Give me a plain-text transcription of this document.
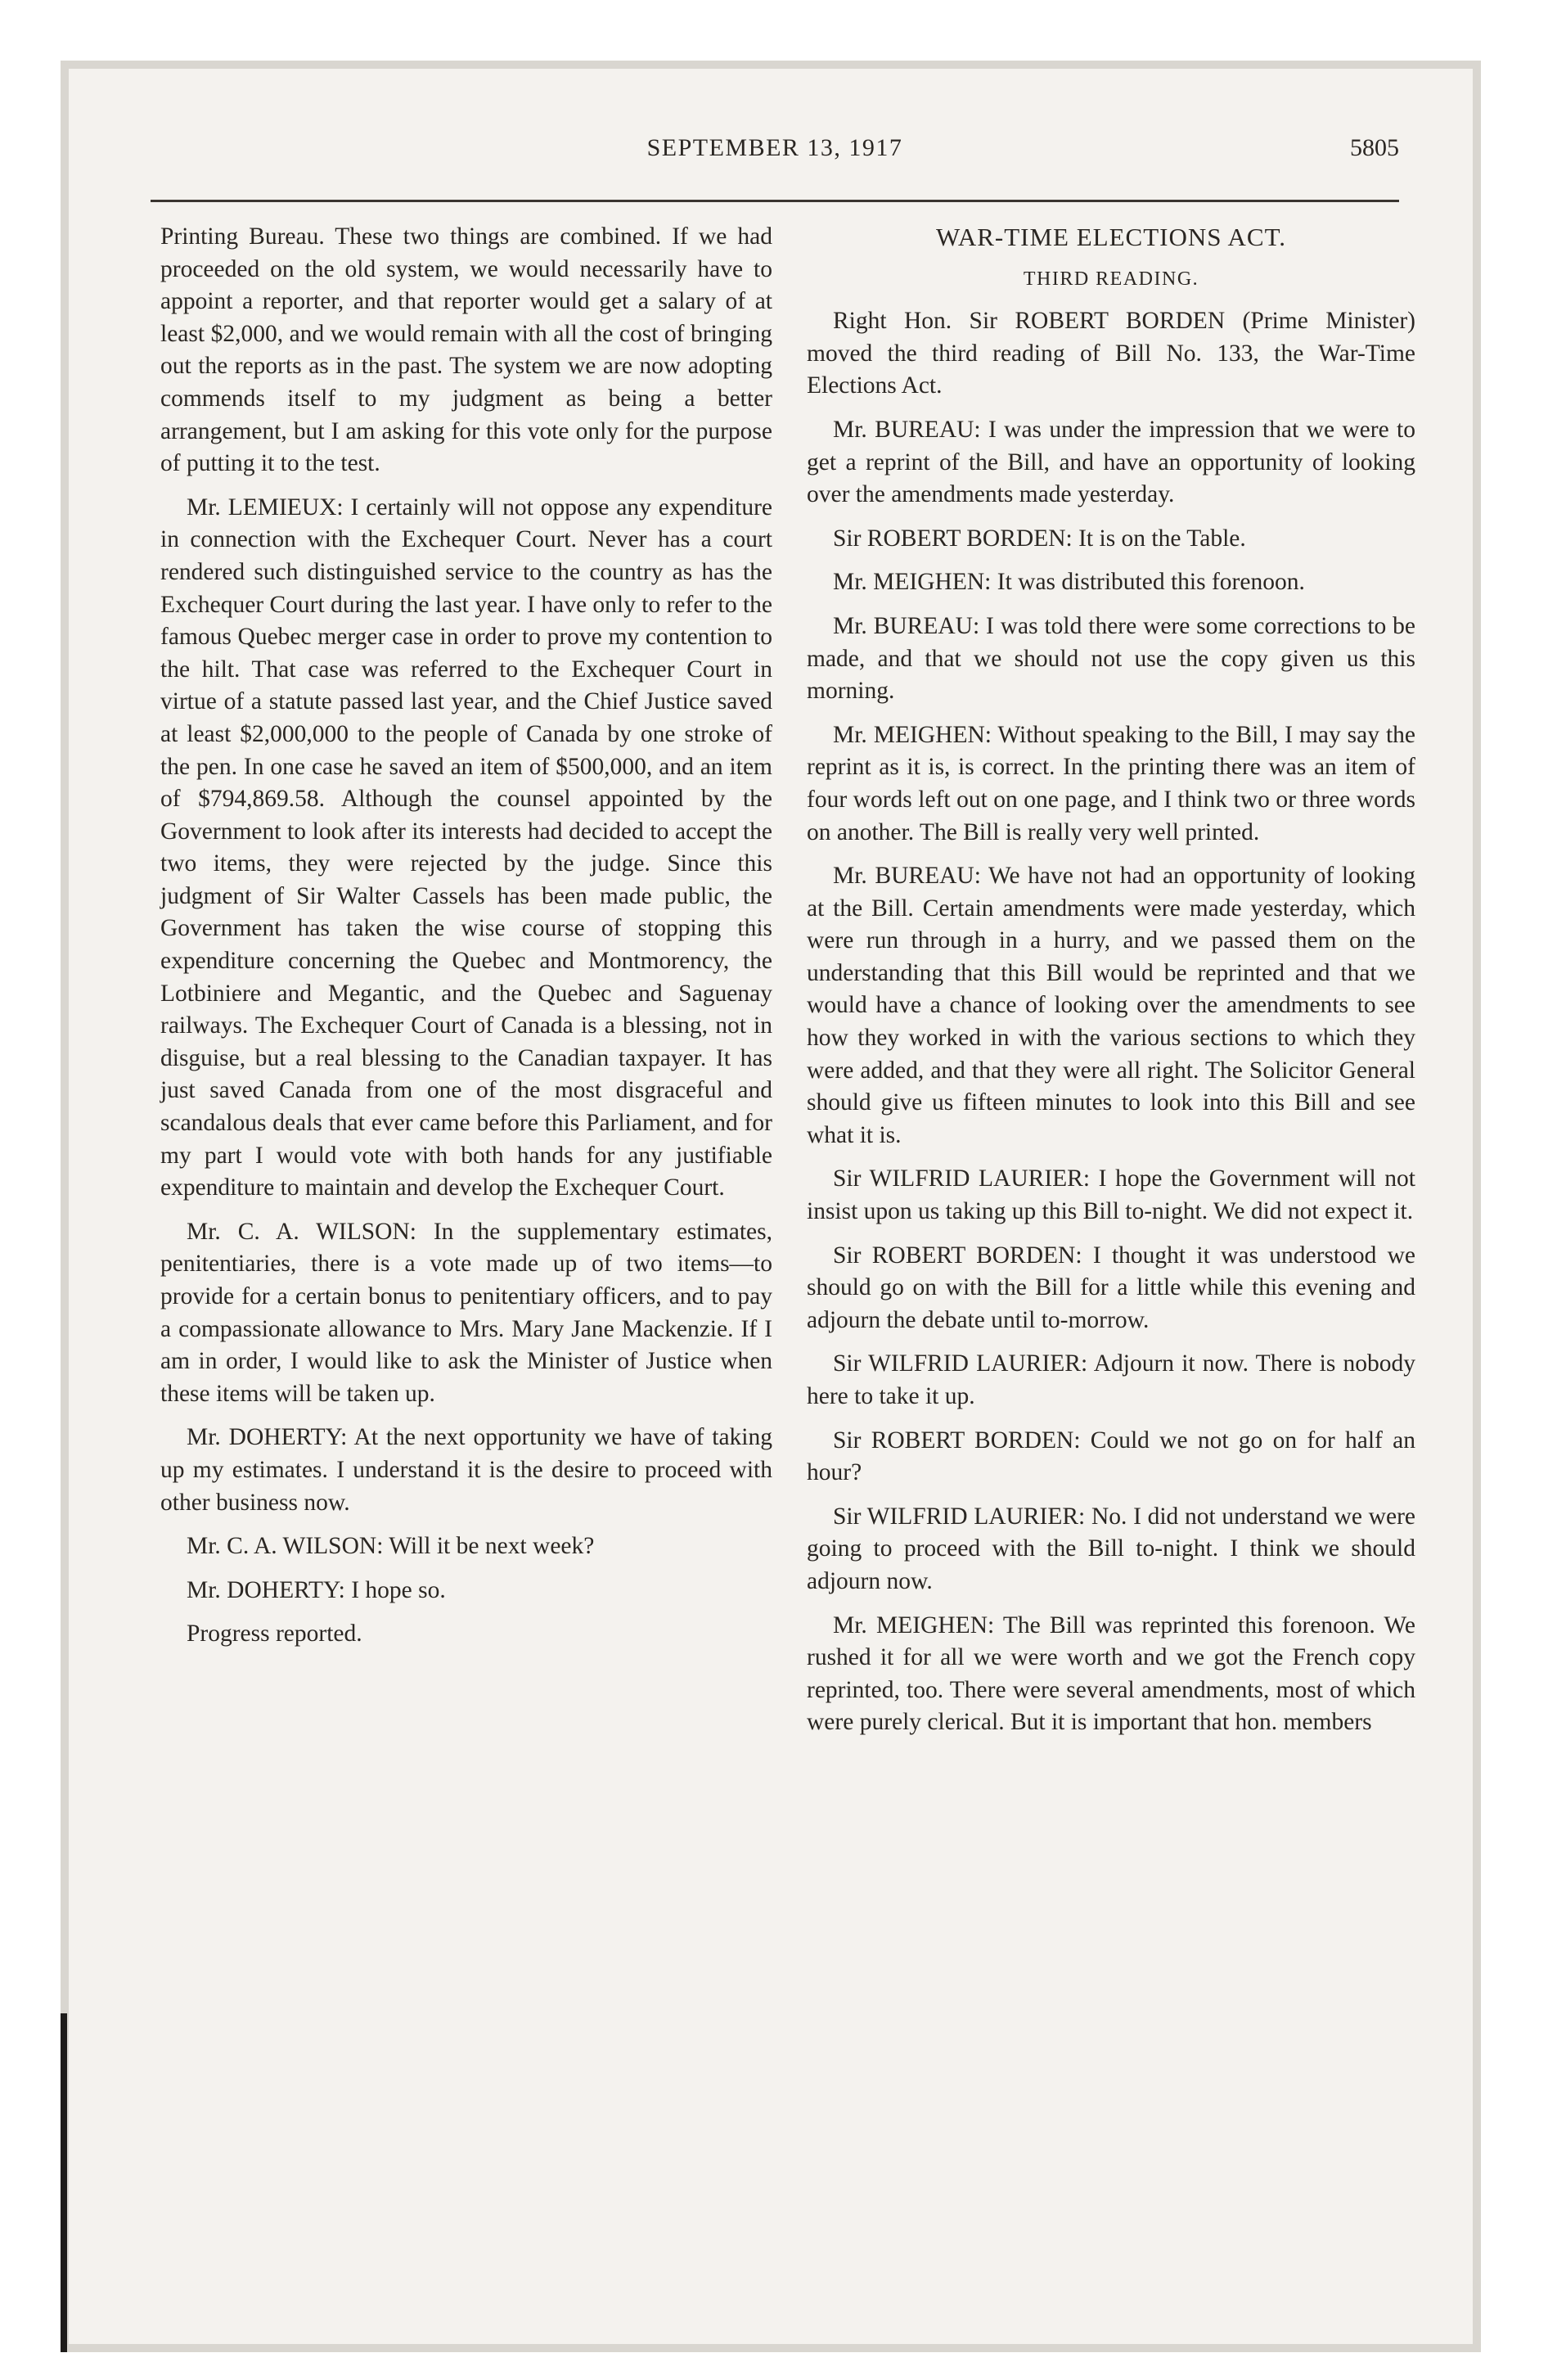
SEPTEMBER 13, 1917	5805

Printing Bureau. These two things are combined. If we had proceeded on the old system, we would necessarily have to appoint a reporter, and that reporter would get a salary of at least $2,000, and we would remain with all the cost of bringing out the reports as in the past. The system we are now adopting commends itself to my judgment as being a better arrangement, but I am asking for this vote only for the purpose of putting it to the test.

Mr. LEMIEUX: I certainly will not oppose any expenditure in connection with the Exchequer Court. Never has a court rendered such distinguished service to the country as has the Exchequer Court during the last year. I have only to refer to the famous Quebec merger case in order to prove my contention to the hilt. That case was referred to the Exchequer Court in virtue of a statute passed last year, and the Chief Justice saved at least $2,000,000 to the people of Canada by one stroke of the pen. In one case he saved an item of $500,000, and an item of $794,869.58. Although the counsel appointed by the Government to look after its interests had decided to accept the two items, they were rejected by the judge. Since this judgment of Sir Walter Cassels has been made public, the Government has taken the wise course of stopping this expenditure concerning the Quebec and Montmorency, the Lotbiniere and Megantic, and the Quebec and Saguenay railways. The Exchequer Court of Canada is a blessing, not in disguise, but a real blessing to the Canadian taxpayer. It has just saved Canada from one of the most disgraceful and scandalous deals that ever came before this Parliament, and for my part I would vote with both hands for any justifiable expenditure to maintain and develop the Exchequer Court.

Mr. C. A. WILSON: In the supplementary estimates, penitentiaries, there is a vote made up of two items—to provide for a certain bonus to penitentiary officers, and to pay a compassionate allowance to Mrs. Mary Jane Mackenzie. If I am in order, I would like to ask the Minister of Justice when these items will be taken up.

Mr. DOHERTY: At the next opportunity we have of taking up my estimates. I understand it is the desire to proceed with other business now.

Mr. C. A. WILSON: Will it be next week?

Mr. DOHERTY: I hope so.

Progress reported.

WAR-TIME ELECTIONS ACT.

THIRD READING.

Right Hon. Sir ROBERT BORDEN (Prime Minister) moved the third reading of Bill No. 133, the War-Time Elections Act.

Mr. BUREAU: I was under the impression that we were to get a reprint of the Bill, and have an opportunity of looking over the amendments made yesterday.

Sir ROBERT BORDEN: It is on the Table.

Mr. MEIGHEN: It was distributed this forenoon.

Mr. BUREAU: I was told there were some corrections to be made, and that we should not use the copy given us this morning.

Mr. MEIGHEN: Without speaking to the Bill, I may say the reprint as it is, is correct. In the printing there was an item of four words left out on one page, and I think two or three words on another. The Bill is really very well printed.

Mr. BUREAU: We have not had an opportunity of looking at the Bill. Certain amendments were made yesterday, which were run through in a hurry, and we passed them on the understanding that this Bill would be reprinted and that we would have a chance of looking over the amendments to see how they worked in with the various sections to which they were added, and that they were all right. The Solicitor General should give us fifteen minutes to look into this Bill and see what it is.

Sir WILFRID LAURIER: I hope the Government will not insist upon us taking up this Bill to-night. We did not expect it.

Sir ROBERT BORDEN: I thought it was understood we should go on with the Bill for a little while this evening and adjourn the debate until to-morrow.

Sir WILFRID LAURIER: Adjourn it now. There is nobody here to take it up.

Sir ROBERT BORDEN: Could we not go on for half an hour?

Sir WILFRID LAURIER: No. I did not understand we were going to proceed with the Bill to-night. I think we should adjourn now.

Mr. MEIGHEN: The Bill was reprinted this forenoon. We rushed it for all we were worth and we got the French copy reprinted, too. There were several amendments, most of which were purely clerical. But it is important that hon. members
